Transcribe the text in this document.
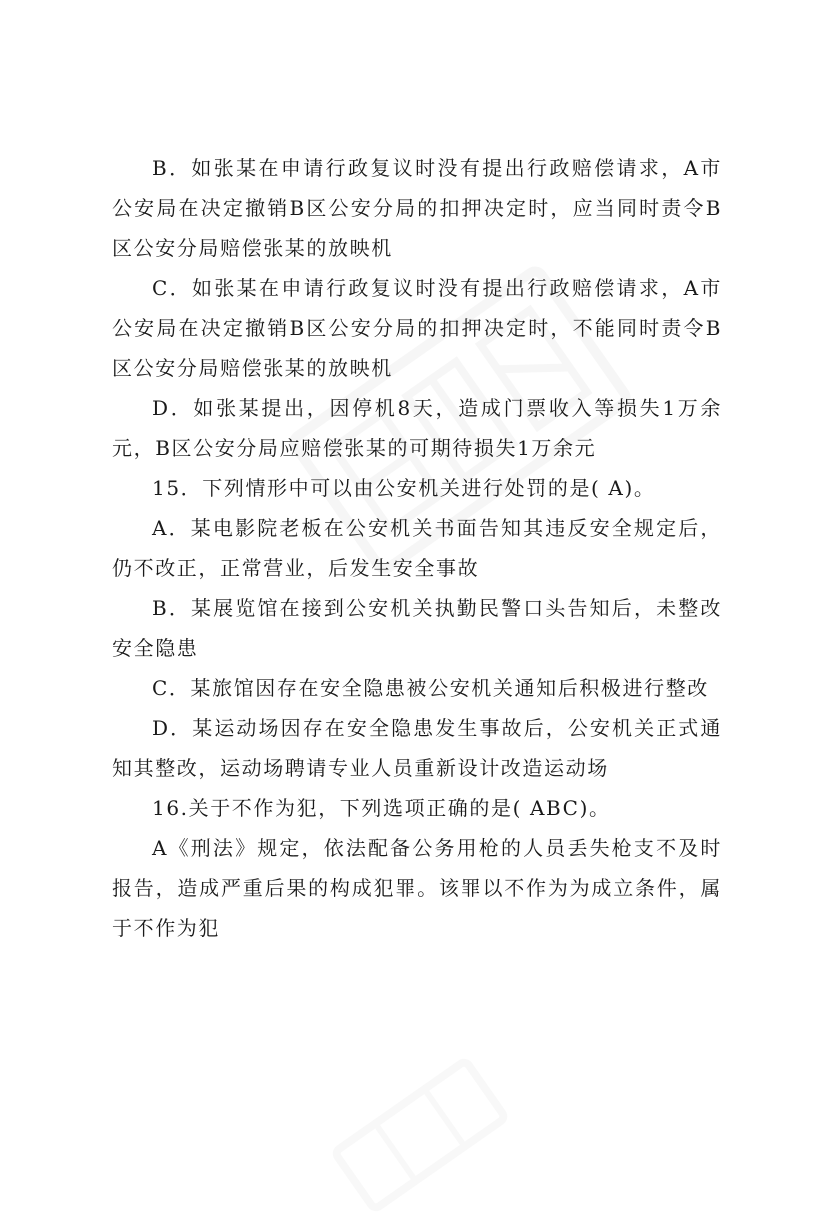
B．如张某在申请行政复议时没有提出行政赔偿请求，A市公安局在决定撤销B区公安分局的扣押决定时，应当同时责令B区公安分局赔偿张某的放映机

C．如张某在申请行政复议时没有提出行政赔偿请求，A市公安局在决定撤销B区公安分局的扣押决定时，不能同时责令B区公安分局赔偿张某的放映机

D．如张某提出，因停机8天，造成门票收入等损失1万余元，B区公安分局应赔偿张某的可期待损失1万余元

15．下列情形中可以由公安机关进行处罚的是( A)。

A．某电影院老板在公安机关书面告知其违反安全规定后，仍不改正，正常营业，后发生安全事故

B．某展览馆在接到公安机关执勤民警口头告知后，未整改安全隐患

C．某旅馆因存在安全隐患被公安机关通知后积极进行整改

D．某运动场因存在安全隐患发生事故后，公安机关正式通知其整改，运动场聘请专业人员重新设计改造运动场

16.关于不作为犯，下列选项正确的是( ABC)。

A《刑法》规定，依法配备公务用枪的人员丢失枪支不及时报告，造成严重后果的构成犯罪。该罪以不作为为成立条件，属于不作为犯
